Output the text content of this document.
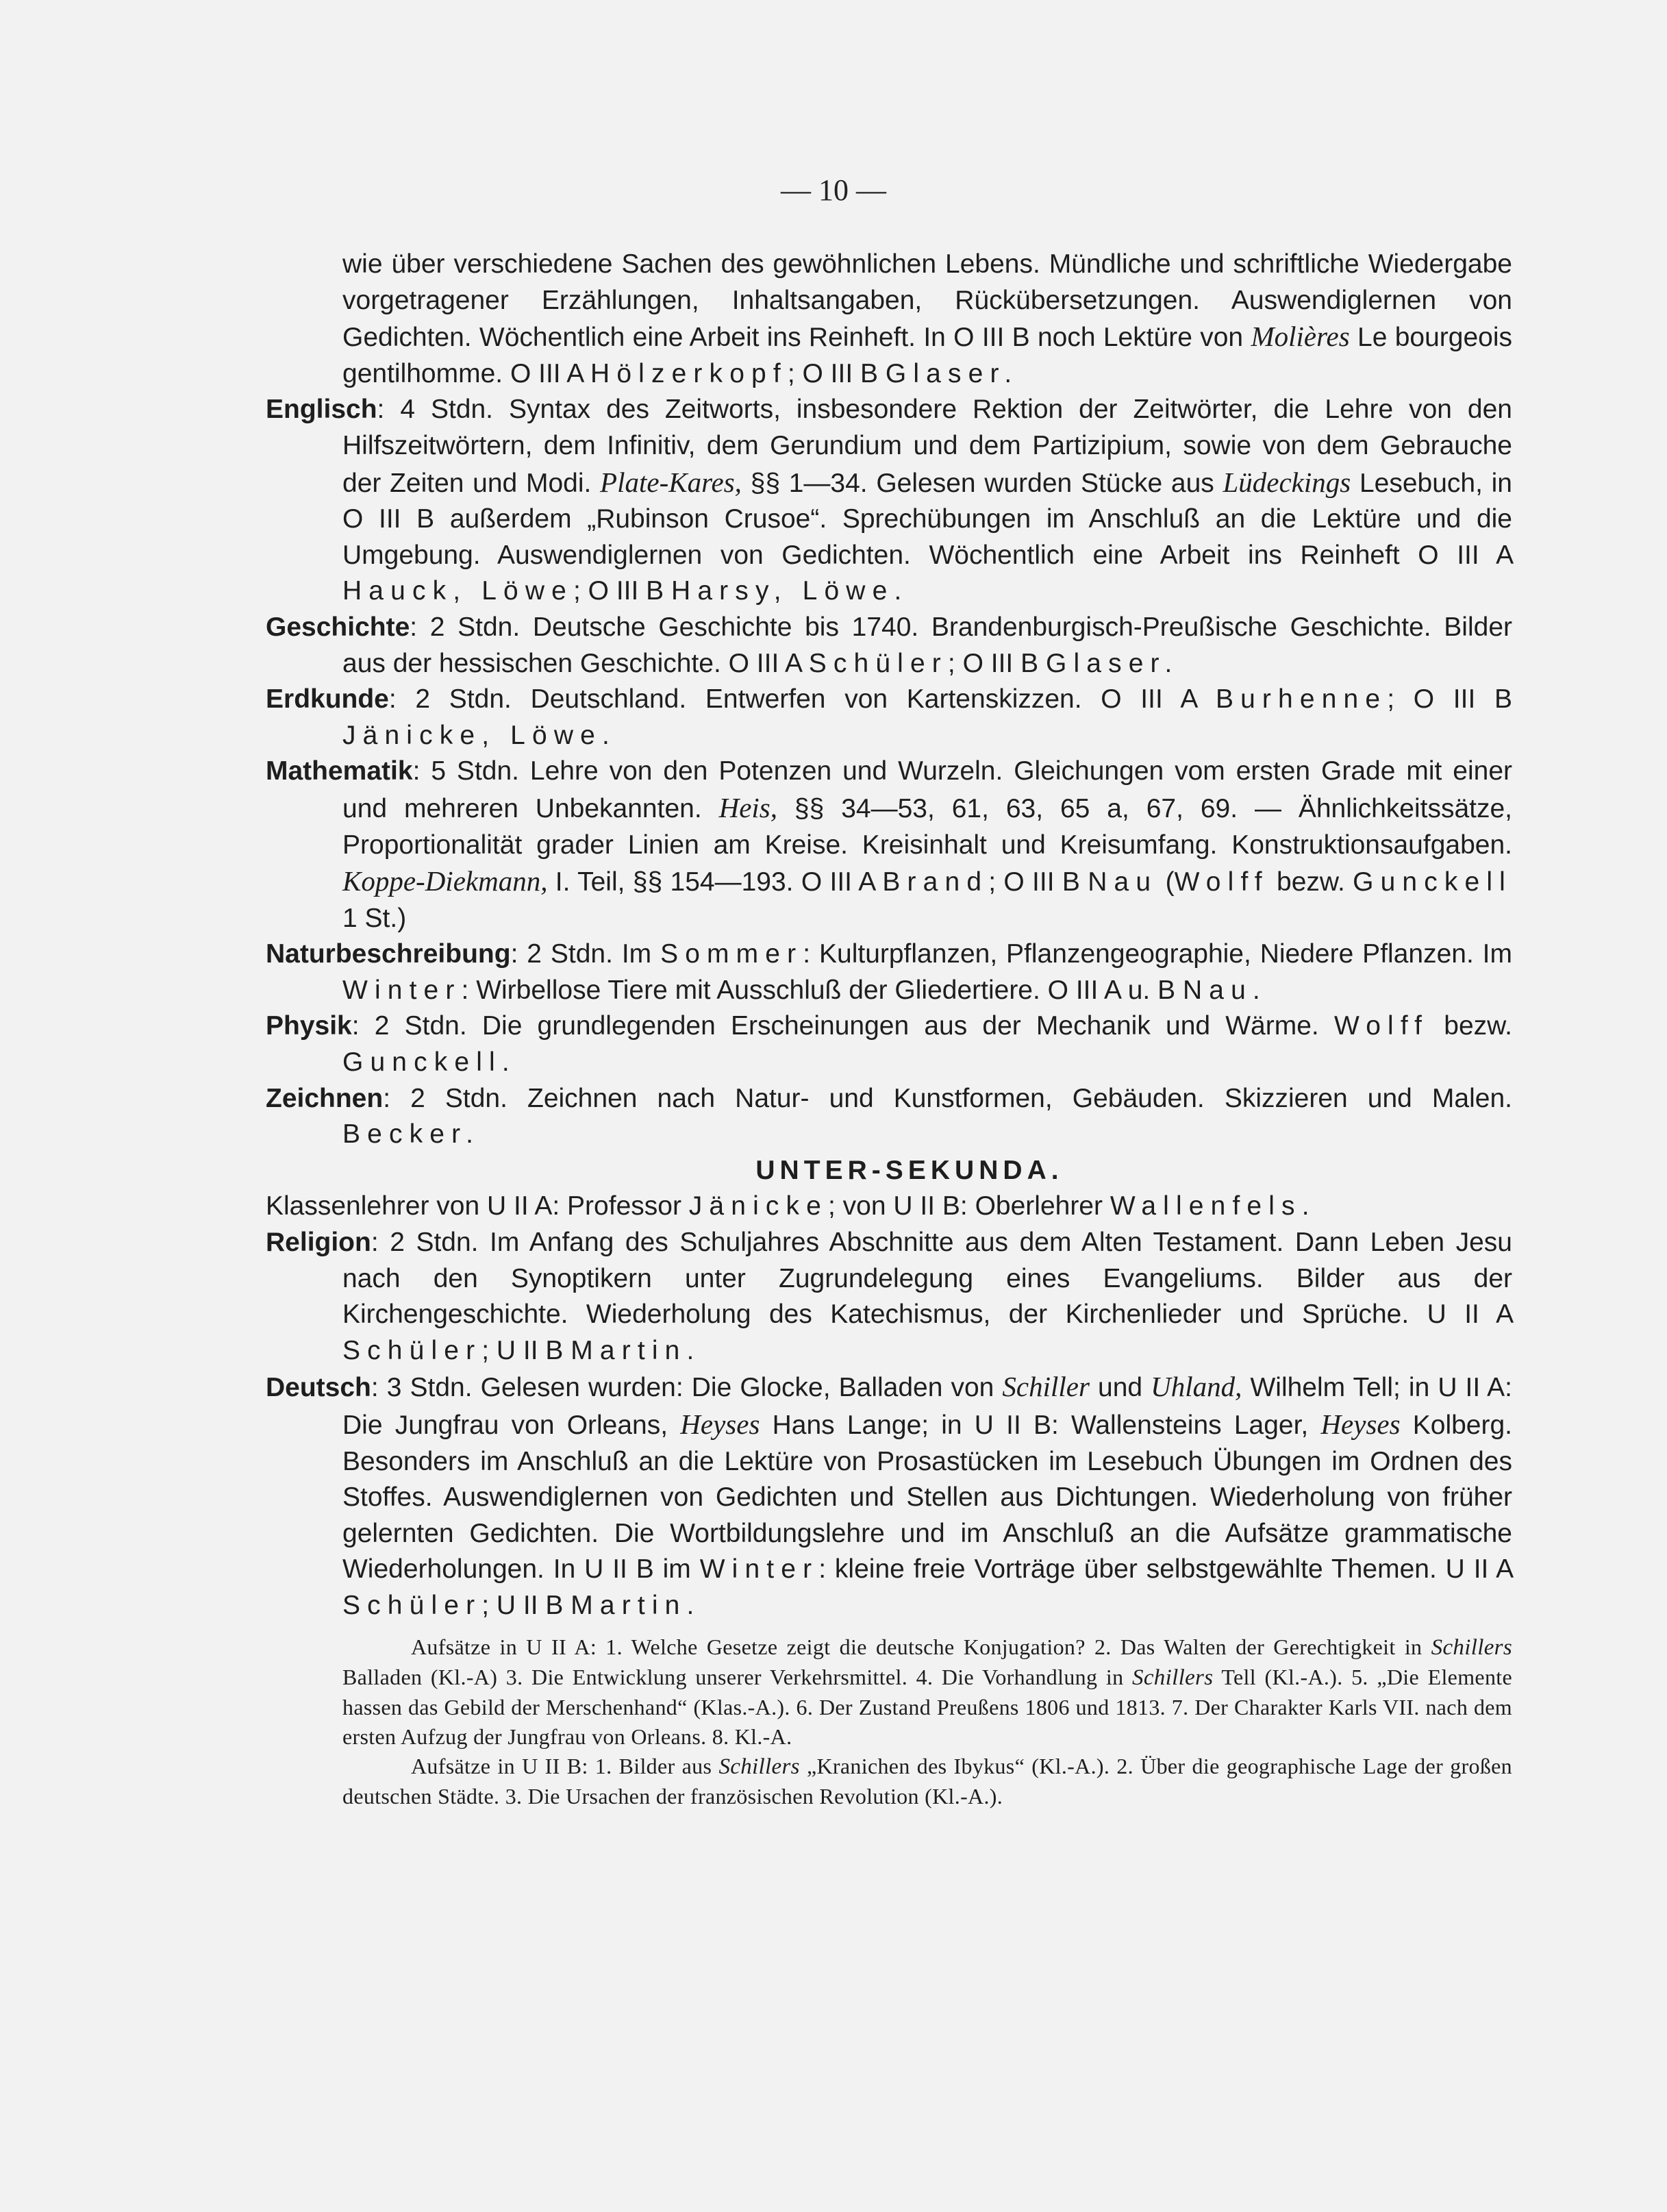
— 10 —
wie über verschiedene Sachen des gewöhnlichen Lebens. Mündliche und schriftliche Wiedergabe vorgetragener Erzählungen, Inhaltsangaben, Rückübersetzungen. Auswendiglernen von Gedichten. Wöchentlich eine Arbeit ins Reinheft. In O III B noch Lektüre von Molières Le bourgeois gentilhomme. O III A Hölzerkopf; O III B Glaser.
Englisch: 4 Stdn. Syntax des Zeitworts, insbesondere Rektion der Zeitwörter, die Lehre von den Hilfszeitwörtern, dem Infinitiv, dem Gerundium und dem Partizipium, sowie von dem Gebrauche der Zeiten und Modi. Plate-Kares, §§ 1—34. Gelesen wurden Stücke aus Lüdeckings Lesebuch, in O III B außerdem „Rubinson Crusoe“. Sprechübungen im Anschluß an die Lektüre und die Umgebung. Auswendiglernen von Gedichten. Wöchentlich eine Arbeit ins Reinheft O III A Hauck, Löwe; O III B Harsy, Löwe.
Geschichte: 2 Stdn. Deutsche Geschichte bis 1740. Brandenburgisch-Preußische Geschichte. Bilder aus der hessischen Geschichte. O III A Schüler; O III B Glaser.
Erdkunde: 2 Stdn. Deutschland. Entwerfen von Kartenskizzen. O III A Burhenne; O III B Jänicke, Löwe.
Mathematik: 5 Stdn. Lehre von den Potenzen und Wurzeln. Gleichungen vom ersten Grade mit einer und mehreren Unbekannten. Heis, §§ 34—53, 61, 63, 65 a, 67, 69. — Ähnlichkeitssätze, Proportionalität grader Linien am Kreise. Kreisinhalt und Kreisumfang. Konstruktionsaufgaben. Koppe-Diekmann, I. Teil, §§ 154—193. O III A Brand; O III B Nau (Wolff bezw. Gunckell 1 St.)
Naturbeschreibung: 2 Stdn. Im Sommer: Kulturpflanzen, Pflanzengeographie, Niedere Pflanzen. Im Winter: Wirbellose Tiere mit Ausschluß der Gliedertiere. O III A u. B Nau.
Physik: 2 Stdn. Die grundlegenden Erscheinungen aus der Mechanik und Wärme. Wolff bezw. Gunckell.
Zeichnen: 2 Stdn. Zeichnen nach Natur- und Kunstformen, Gebäuden. Skizzieren und Malen. Becker.
UNTER-SEKUNDA.
Klassenlehrer von U II A: Professor Jänicke; von U II B: Oberlehrer Wallenfels.
Religion: 2 Stdn. Im Anfang des Schuljahres Abschnitte aus dem Alten Testament. Dann Leben Jesu nach den Synoptikern unter Zugrundelegung eines Evangeliums. Bilder aus der Kirchengeschichte. Wiederholung des Katechismus, der Kirchenlieder und Sprüche. U II A Schüler; U II B Martin.
Deutsch: 3 Stdn. Gelesen wurden: Die Glocke, Balladen von Schiller und Uhland, Wilhelm Tell; in U II A: Die Jungfrau von Orleans, Heyses Hans Lange; in U II B: Wallensteins Lager, Heyses Kolberg. Besonders im Anschluß an die Lektüre von Prosastücken im Lesebuch Übungen im Ordnen des Stoffes. Auswendiglernen von Gedichten und Stellen aus Dichtungen. Wiederholung von früher gelernten Gedichten. Die Wortbildungslehre und im Anschluß an die Aufsätze grammatische Wiederholungen. In U II B im Winter: kleine freie Vorträge über selbstgewählte Themen. U II A Schüler; U II B Martin.

Aufsätze in U II A: 1. Welche Gesetze zeigt die deutsche Konjugation? 2. Das Walten der Gerechtigkeit in Schillers Balladen (Kl.-A) 3. Die Entwicklung unserer Verkehrsmittel. 4. Die Vorhandlung in Schillers Tell (Kl.-A.). 5. „Die Elemente hassen das Gebild der Merschenhand“ (Klas.-A.). 6. Der Zustand Preußens 1806 und 1813. 7. Der Charakter Karls VII. nach dem ersten Aufzug der Jungfrau von Orleans. 8. Kl.-A.

Aufsätze in U II B: 1. Bilder aus Schillers „Kranichen des Ibykus“ (Kl.-A.). 2. Über die geographische Lage der großen deutschen Städte. 3. Die Ursachen der französischen Revolution (Kl.-A.).
